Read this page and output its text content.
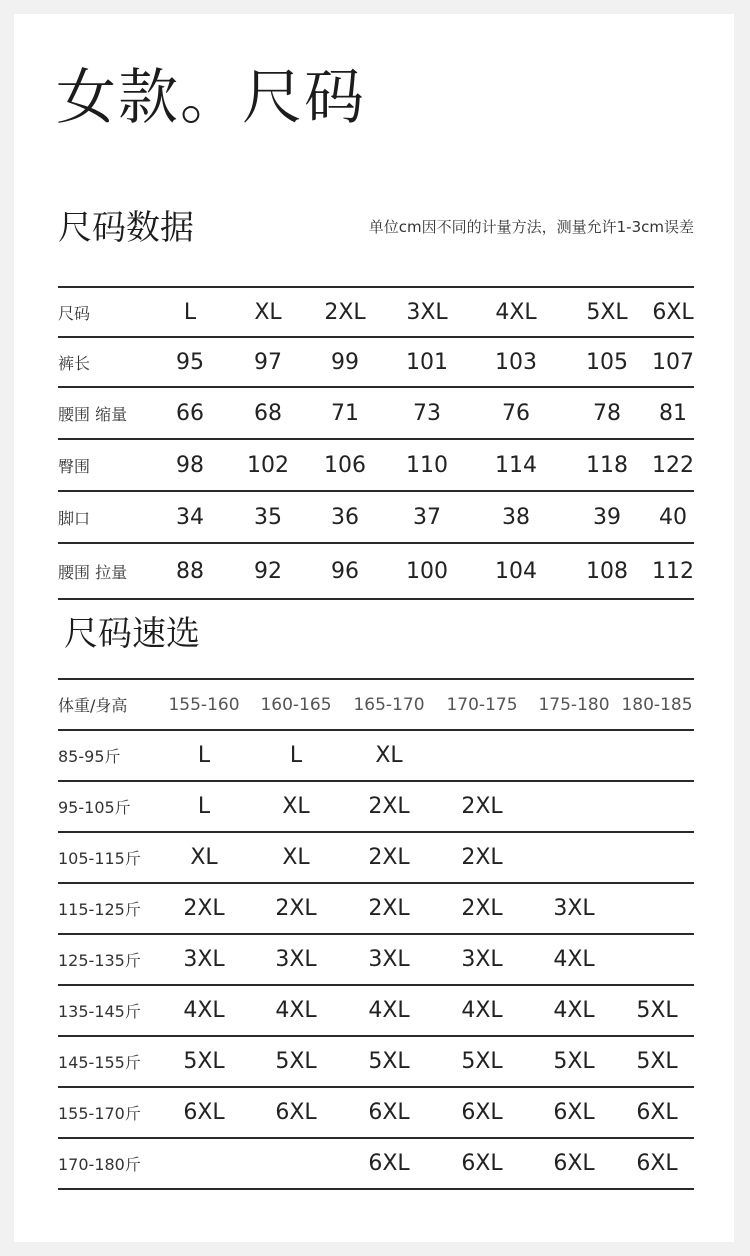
女款。尺码
尺码数据	单位cm因不同的计量方法，测量允许1-3cm误差
尺码	L	XL	2XL	3XL	4XL	5XL	6XL	
裤长	95	97	99	101	103	105	107	
腰围 缩量	66	68	71	73	76	78	81	
臀围	98	102	106	110	114	118	122	
脚口	34	35	36	37	38	39	40	
腰围 拉量	88	92	96	100	104	108	112	
尺码速选
体重/身高	155-160	160-165	165-170	170-175	175-180	180-185
85-95斤	L	L	XL			
95-105斤	L	XL	2XL	2XL		
105-115斤	XL	XL	2XL	2XL		
115-125斤	2XL	2XL	2XL	2XL	3XL	
125-135斤	3XL	3XL	3XL	3XL	4XL	
135-145斤	4XL	4XL	4XL	4XL	4XL	5XL
145-155斤	5XL	5XL	5XL	5XL	5XL	5XL
155-170斤	6XL	6XL	6XL	6XL	6XL	6XL
170-180斤			6XL	6XL	6XL	6XL
